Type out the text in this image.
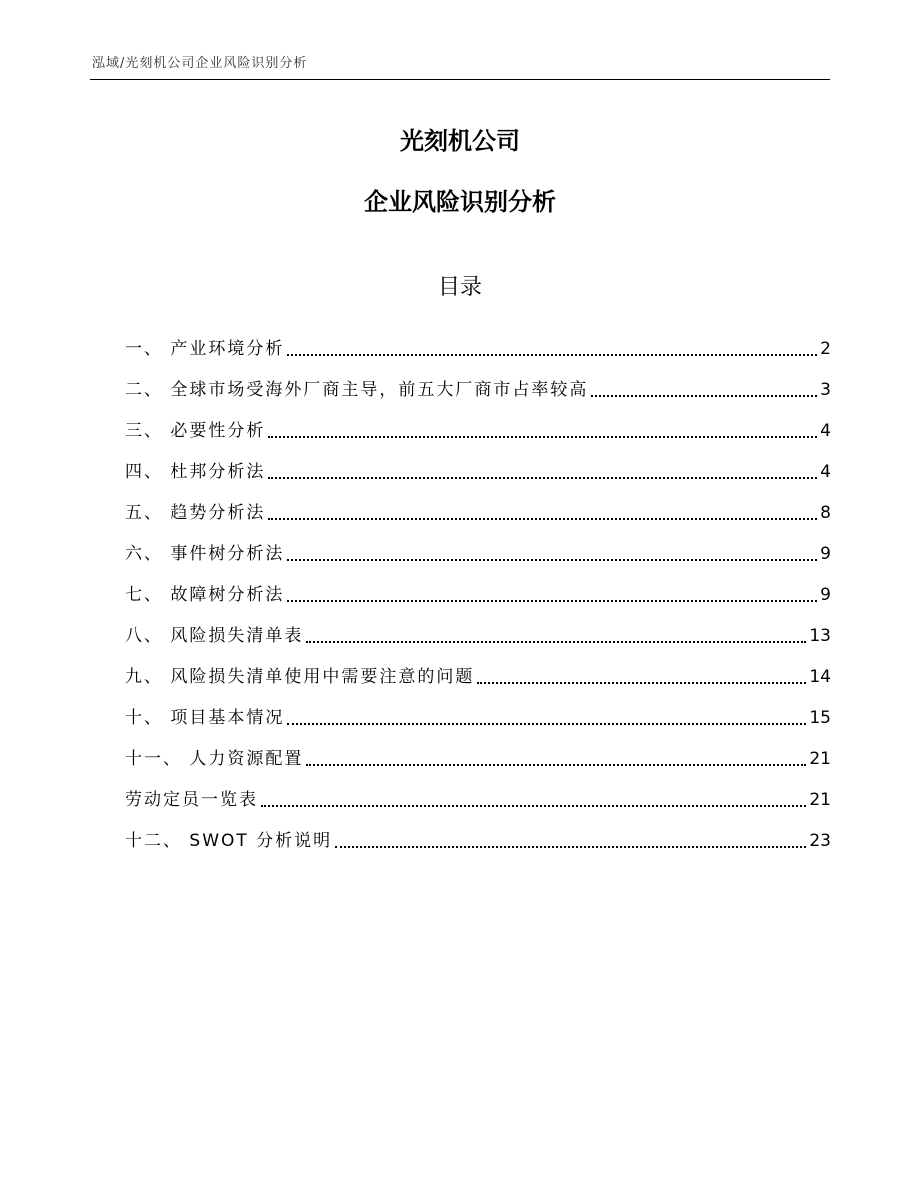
泓域/光刻机公司企业风险识别分析
光刻机公司
企业风险识别分析
目录
一、 产业环境分析	2
二、 全球市场受海外厂商主导，前五大厂商市占率较高	3
三、 必要性分析	4
四、 杜邦分析法	4
五、 趋势分析法	8
六、 事件树分析法	9
七、 故障树分析法	9
八、 风险损失清单表	13
九、 风险损失清单使用中需要注意的问题	14
十、 项目基本情况	15
十一、 人力资源配置	21
劳动定员一览表	21
十二、 SWOT 分析说明	23
